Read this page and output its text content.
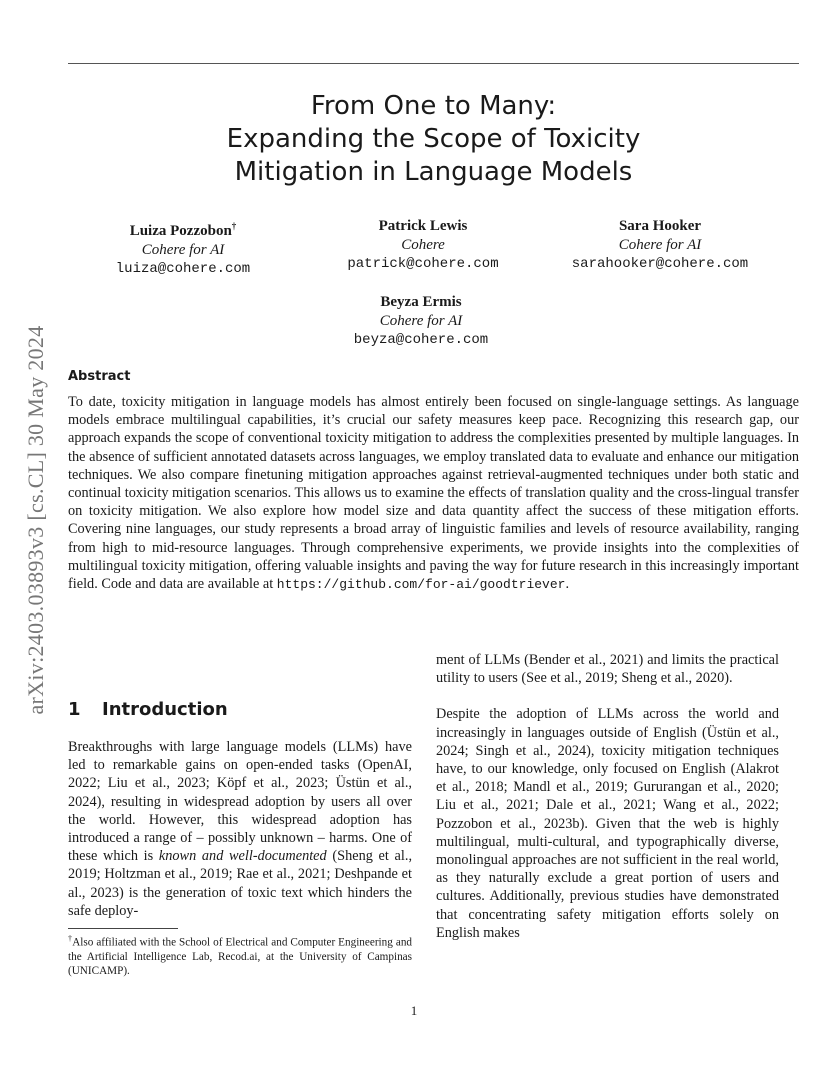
arXiv:2403.03893v3 [cs.CL] 30 May 2024
From One to Many:
Expanding the Scope of Toxicity
Mitigation in Language Models
Luiza Pozzobon†
Cohere for AI
luiza@cohere.com
Patrick Lewis
Cohere
patrick@cohere.com
Sara Hooker
Cohere for AI
sarahooker@cohere.com
Beyza Ermis
Cohere for AI
beyza@cohere.com
Abstract
To date, toxicity mitigation in language models has almost entirely been focused on single-language settings. As language models embrace multilingual capabilities, it’s crucial our safety measures keep pace. Recognizing this research gap, our approach expands the scope of conventional toxicity mitigation to address the complexities presented by multiple languages. In the absence of sufficient annotated datasets across languages, we employ translated data to evaluate and enhance our mitigation techniques. We also compare finetuning mitigation approaches against retrieval-augmented techniques under both static and continual toxicity mitigation scenarios. This allows us to examine the effects of translation quality and the cross-lingual transfer on toxicity mitigation. We also explore how model size and data quantity affect the success of these mitigation efforts. Covering nine languages, our study represents a broad array of linguistic families and levels of resource availability, ranging from high to mid-resource languages. Through comprehensive experiments, we provide insights into the complexities of multilingual toxicity mitigation, offering valuable insights and paving the way for future research in this increasingly important field. Code and data are available at https://github.com/for-ai/goodtriever.
1 Introduction
Breakthroughs with large language models (LLMs) have led to remarkable gains on open-ended tasks (OpenAI, 2022; Liu et al., 2023; Köpf et al., 2023; Üstün et al., 2024), resulting in widespread adoption by users all over the world. However, this widespread adoption has introduced a range of – possibly unknown – harms. One of these which is known and well-documented (Sheng et al., 2019; Holtzman et al., 2019; Rae et al., 2021; Deshpande et al., 2023) is the generation of toxic text which hinders the safe deploy-
ment of LLMs (Bender et al., 2021) and limits the practical utility to users (See et al., 2019; Sheng et al., 2020).
Despite the adoption of LLMs across the world and increasingly in languages outside of English (Üstün et al., 2024; Singh et al., 2024), toxicity mitigation techniques have, to our knowledge, only focused on English (Alakrot et al., 2018; Mandl et al., 2019; Gururangan et al., 2020; Liu et al., 2021; Dale et al., 2021; Wang et al., 2022; Pozzobon et al., 2023b). Given that the web is highly multilingual, multi-cultural, and typographically diverse, monolingual approaches are not sufficient in the real world, as they naturally exclude a great portion of users and cultures. Additionally, previous studies have demonstrated that concentrating safety mitigation efforts solely on English makes
†Also affiliated with the School of Electrical and Computer Engineering and the Artificial Intelligence Lab, Recod.ai, at the University of Campinas (UNICAMP).
1
